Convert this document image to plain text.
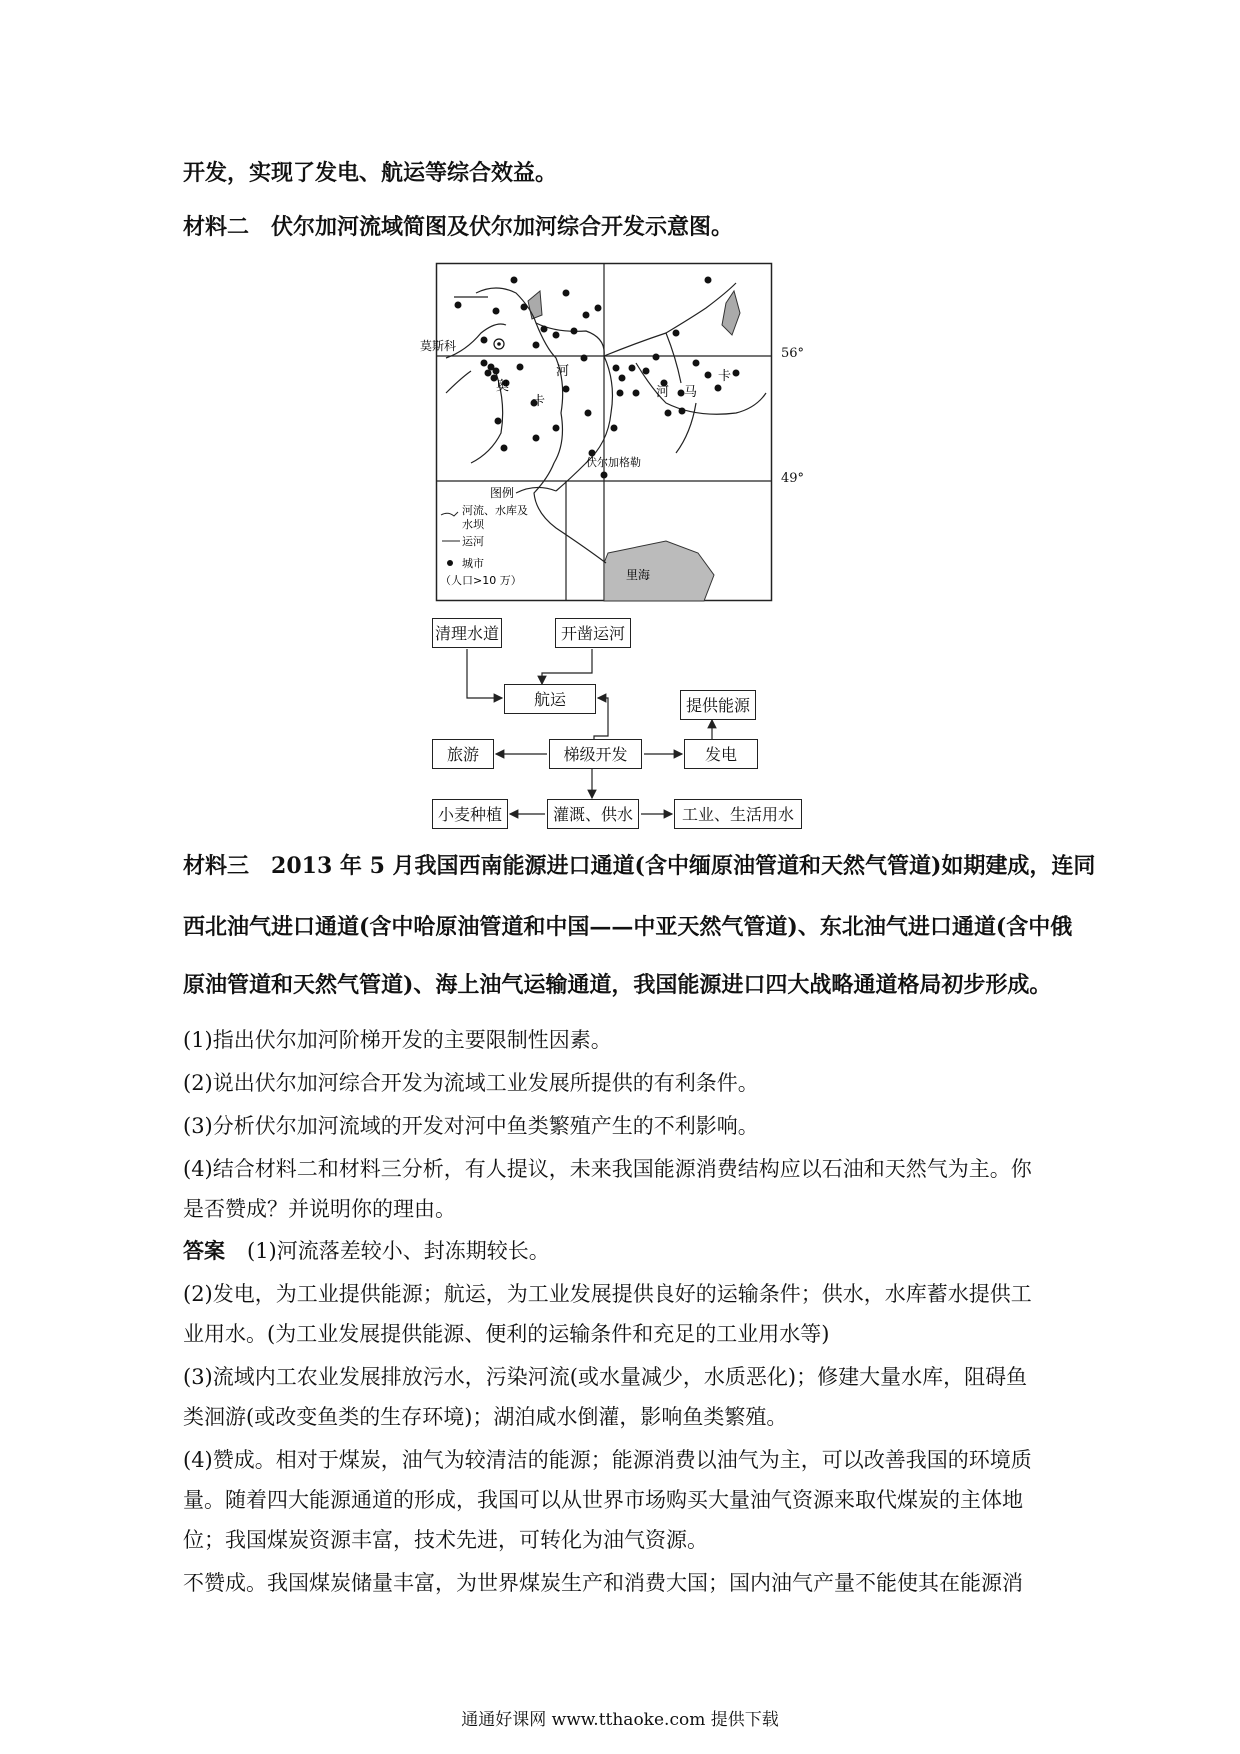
开发，实现了发电、航运等综合效益。
材料二 伏尔加河流域简图及伏尔加河综合开发示意图。
莫斯科
伏尔加格勒
里海
河
奥
卡
河 马
卡
图例
河流、水库及
水坝
运河
城市
（人口>10 万）
56°
49°
清理水道	开凿运河
航运	提供能源
旅游	梯级开发	发电
小麦种植	灌溉、供水	工业、生活用水
材料三 2013 年 5 月我国西南能源进口通道(含中缅原油管道和天然气管道)如期建成，连同
西北油气进口通道(含中哈原油管道和中国——中亚天然气管道)、东北油气进口通道(含中俄
原油管道和天然气管道)、海上油气运输通道，我国能源进口四大战略通道格局初步形成。
(1)指出伏尔加河阶梯开发的主要限制性因素。
(2)说出伏尔加河综合开发为流域工业发展所提供的有利条件。
(3)分析伏尔加河流域的开发对河中鱼类繁殖产生的不利影响。
(4)结合材料二和材料三分析，有人提议，未来我国能源消费结构应以石油和天然气为主。你
是否赞成？并说明你的理由。
答案 (1)河流落差较小、封冻期较长。
(2)发电，为工业提供能源；航运，为工业发展提供良好的运输条件；供水，水库蓄水提供工
业用水。(为工业发展提供能源、便利的运输条件和充足的工业用水等)
(3)流域内工农业发展排放污水，污染河流(或水量减少，水质恶化)；修建大量水库，阻碍鱼
类洄游(或改变鱼类的生存环境)；湖泊咸水倒灌，影响鱼类繁殖。
(4)赞成。相对于煤炭，油气为较清洁的能源；能源消费以油气为主，可以改善我国的环境质
量。随着四大能源通道的形成，我国可以从世界市场购买大量油气资源来取代煤炭的主体地
位；我国煤炭资源丰富，技术先进，可转化为油气资源。
不赞成。我国煤炭储量丰富，为世界煤炭生产和消费大国；国内油气产量不能使其在能源消
通通好课网 www.tthaoke.com 提供下载
